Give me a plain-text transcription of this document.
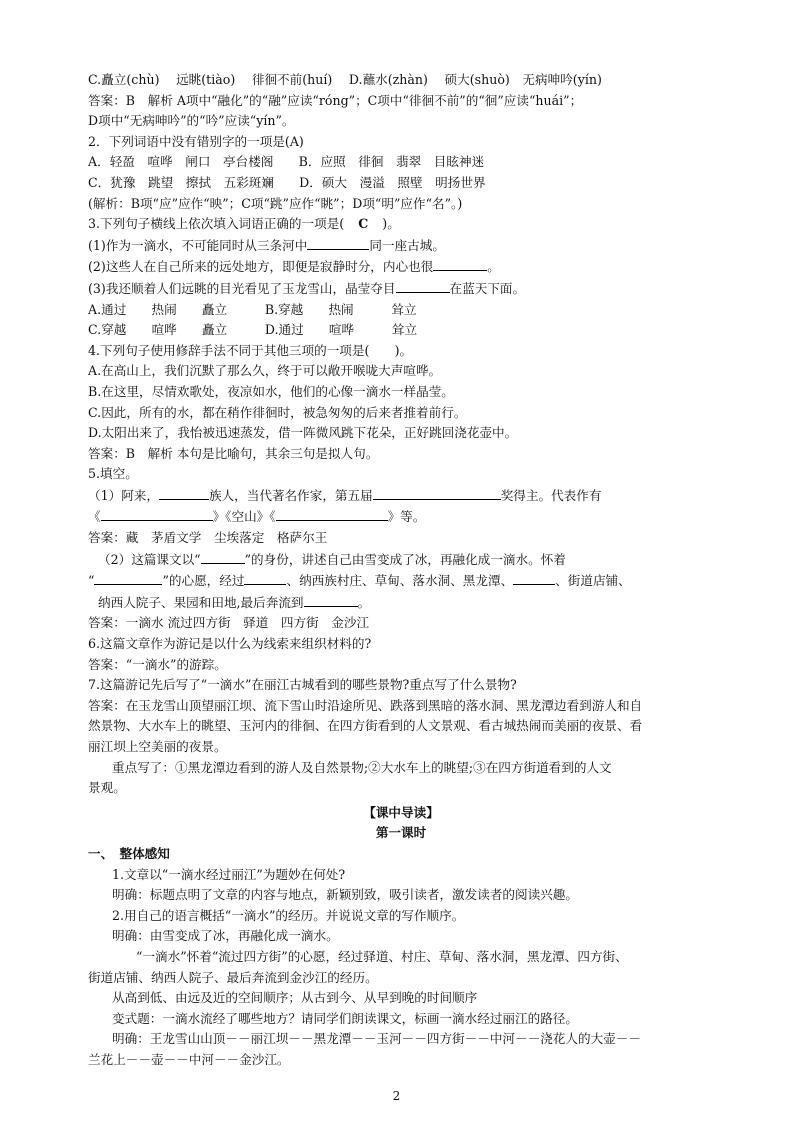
C.矗立(chù)　 远眺(tiào)　 徘徊不前(huí)　 D.蘸水(zhàn)　 硕大(shuò)　无病呻吟(yín)
答案：B　解析 A项中“融化”的“融”应读“róng”；C项中“徘徊不前”的“徊”应读“huái”；
D项中“无病呻吟”的“吟”应读“yín”。
2．下列词语中没有错别字的一项是(A)
A．轻盈　喧哗　闸口　亭台楼阁　　B．应照　徘徊　翡翠　目眩神迷
C．犹豫　跳望　擦拭　五彩斑斓　　D．硕大　漫溢　照壁　明扬世界
(解析：B项“应”应作“映”；C项“跳”应作“眺”；D项“明”应作“名”。)
3.下列句子横线上依次填入词语正确的一项是( C )。
(1)作为一滴水，不可能同时从三条河中	同一座古城。
(2)这些人在自己所来的远处地方，即便是寂静时分，内心也很	。
(3)我还顺着人们远眺的目光看见了玉龙雪山，晶莹夺目	在蓝天下面。
A.通过　　热闹　　矗立　　　B.穿越　　热闹　　　耸立
C.穿越　　喧哗　　矗立　　　D.通过　　喧哗　　　耸立
4.下列句子使用修辞手法不同于其他三项的一项是(　　)。
A.在高山上，我们沉默了那么久，终于可以敞开喉咙大声喧哗。
B.在这里，尽情欢歌处，夜凉如水，他们的心像一滴水一样晶莹。
C.因此，所有的水，都在稍作徘徊时，被急匆匆的后来者推着前行。
D.太阳出来了，我怡被迅速蒸发，借一阵微风跳下花朵，正好跳回浇花壶中。
答案：B　解析 本句是比喻句，其余三句是拟人句。
5.填空。
（1）阿来，	族人，当代著名作家，第五届	奖得主。代表作有
《	》《空山》《	》等。
答案：藏　茅盾文学　尘埃落定　格萨尔王
（2）这篇课文以“	”的身份，讲述自己由雪变成了冰，再融化成一滴水。怀着
“	”的心愿，经过	、纳西族村庄、草甸、落水洞、黑龙潭、	、街道店铺、
纳西人院子、果园和田地,最后奔流到	。
答案：一滴水 流过四方街　驿道　四方街　金沙江
6.这篇文章作为游记是以什么为线索来组织材料的?
答案：“一滴水”的游踪。
7.这篇游记先后写了“一滴水”在丽江古城看到的哪些景物?重点写了什么景物?
答案：在玉龙雪山顶望丽江坝、流下雪山时沿途所见、跌落到黑暗的落水洞、黑龙潭边看到游人和自
然景物、大水车上的眺望、玉河内的徘徊、在四方街看到的人文景观、看古城热闹而美丽的夜景、看
丽江坝上空美丽的夜景。
重点写了：①黑龙潭边看到的游人及自然景物;②大水车上的眺望;③在四方街道看到的人文
景观。
【课中导读】
第一课时
一、　整体感知
1.文章以“一滴水经过丽江”为题妙在何处?
明确：标题点明了文章的内容与地点，新颖别致，吸引读者，激发读者的阅读兴趣。
2.用自己的语言概括“一滴水”的经历。并说说文章的写作顺序。
明确：由雪变成了冰，再融化成一滴水。
“一滴水”怀着“流过四方街”的心愿，经过驿道、村庄、草甸、落水洞，黑龙潭、四方街、
街道店铺、纳西人院子、最后奔流到金沙江的经历。
从高到低、由远及近的空间顺序；从古到今、从早到晚的时间顺序
变式题：一滴水流经了哪些地方？请同学们朗读课文，标画一滴水经过丽江的路径。
明确：王龙雪山山顶－－丽江坝－－黑龙潭－－玉河－－四方街－－中河－－浇花人的大壶－－
兰花上－－壶－－中河－－金沙江。
2
